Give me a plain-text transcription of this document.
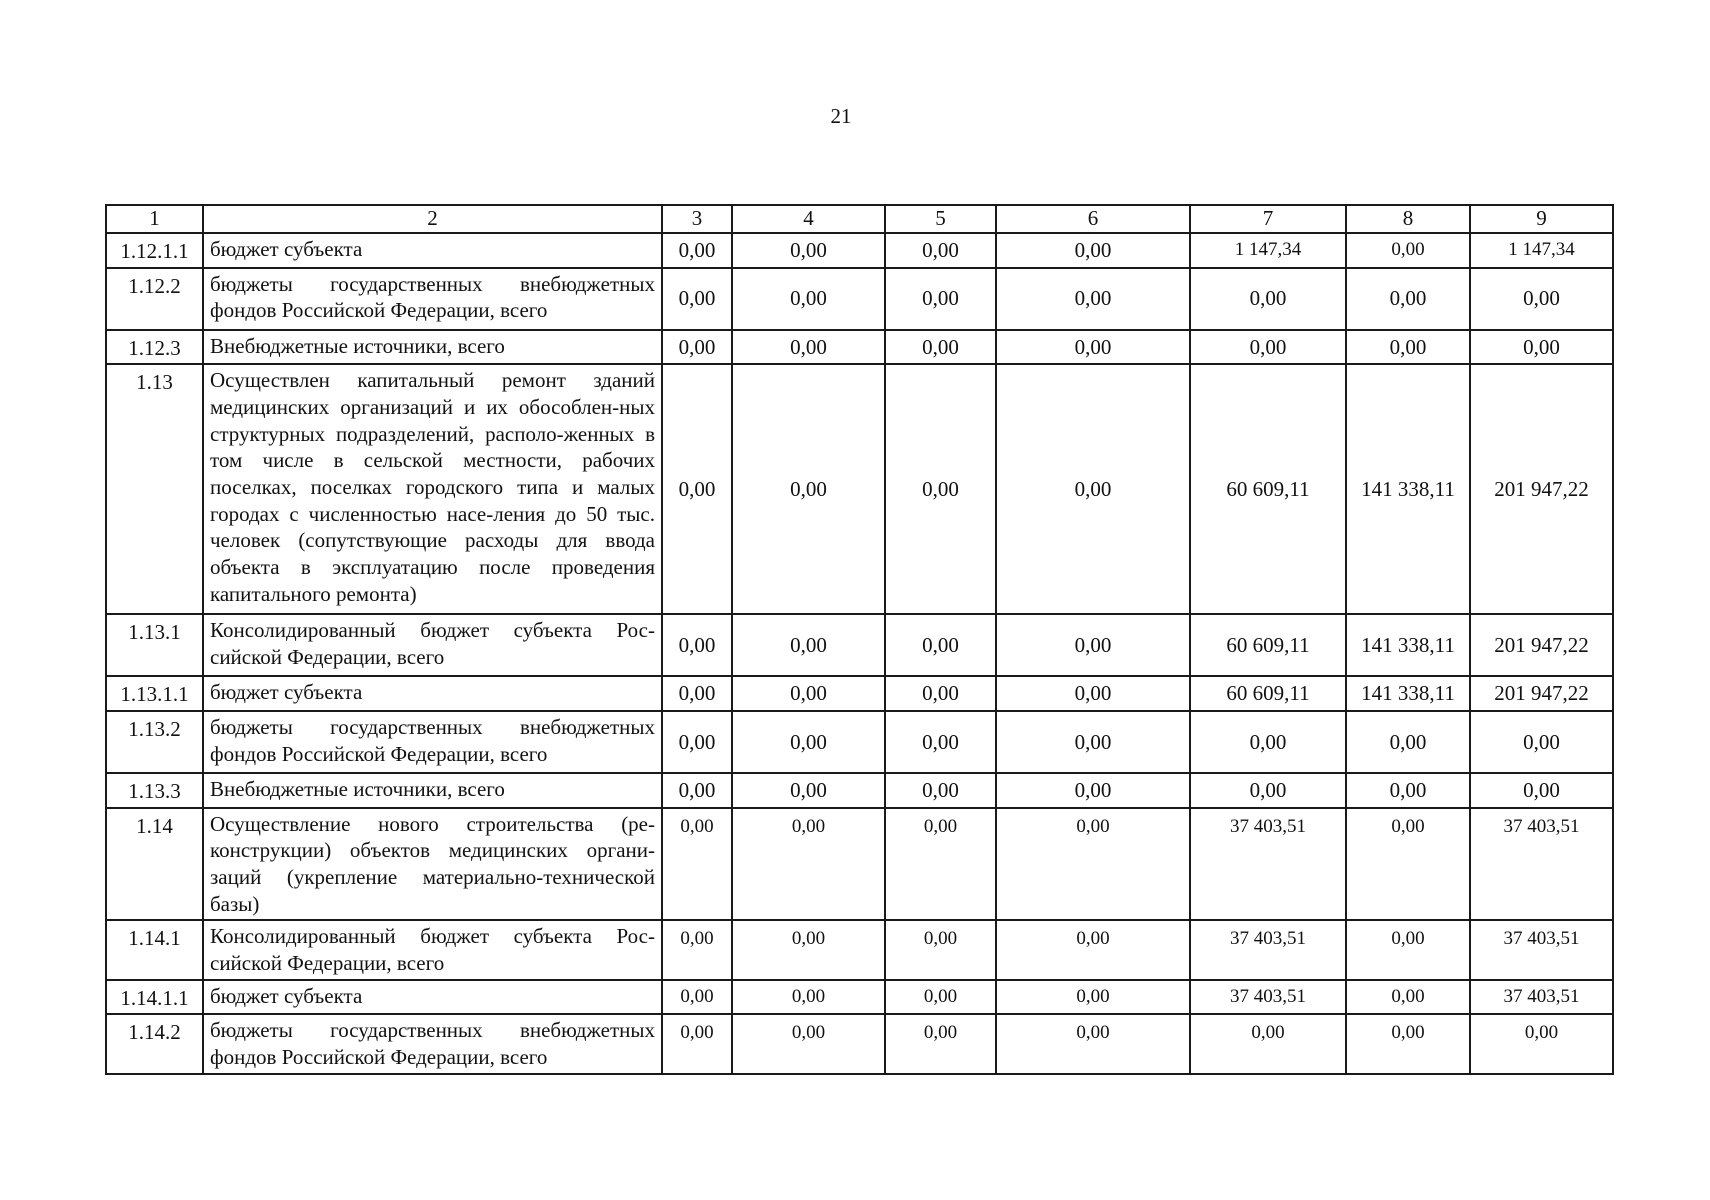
21
1	2	3	4	5	6	7	8	9
1.12.1.1	бюджет субъекта	0,00	0,00	0,00	0,00	1 147,34	0,00	1 147,34
1.12.2	бюджеты государственных внебюджетных фондов Российской Федерации, всего	0,00	0,00	0,00	0,00	0,00	0,00	0,00
1.12.3	Внебюджетные источники, всего	0,00	0,00	0,00	0,00	0,00	0,00	0,00
1.13	Осуществлен капитальный ремонт зданий медицинских организаций и их обособлен-ных структурных подразделений, располо-женных в том числе в сельской местности, рабочих поселках, поселках городского типа и малых городах с численностью насе-ления до 50 тыс. человек (сопутствующие расходы для ввода объекта в эксплуатацию после проведения капитального ремонта)	0,00	0,00	0,00	0,00	60 609,11	141 338,11	201 947,22
1.13.1	Консолидированный бюджет субъекта Рос-сийской Федерации, всего	0,00	0,00	0,00	0,00	60 609,11	141 338,11	201 947,22
1.13.1.1	бюджет субъекта	0,00	0,00	0,00	0,00	60 609,11	141 338,11	201 947,22
1.13.2	бюджеты государственных внебюджетных фондов Российской Федерации, всего	0,00	0,00	0,00	0,00	0,00	0,00	0,00
1.13.3	Внебюджетные источники, всего	0,00	0,00	0,00	0,00	0,00	0,00	0,00
1.14	Осуществление нового строительства (ре-конструкции) объектов медицинских органи-заций (укрепление материально-технической базы)	0,00	0,00	0,00	0,00	37 403,51	0,00	37 403,51
1.14.1	Консолидированный бюджет субъекта Рос-сийской Федерации, всего	0,00	0,00	0,00	0,00	37 403,51	0,00	37 403,51
1.14.1.1	бюджет субъекта	0,00	0,00	0,00	0,00	37 403,51	0,00	37 403,51
1.14.2	бюджеты государственных внебюджетных фондов Российской Федерации, всего	0,00	0,00	0,00	0,00	0,00	0,00	0,00
